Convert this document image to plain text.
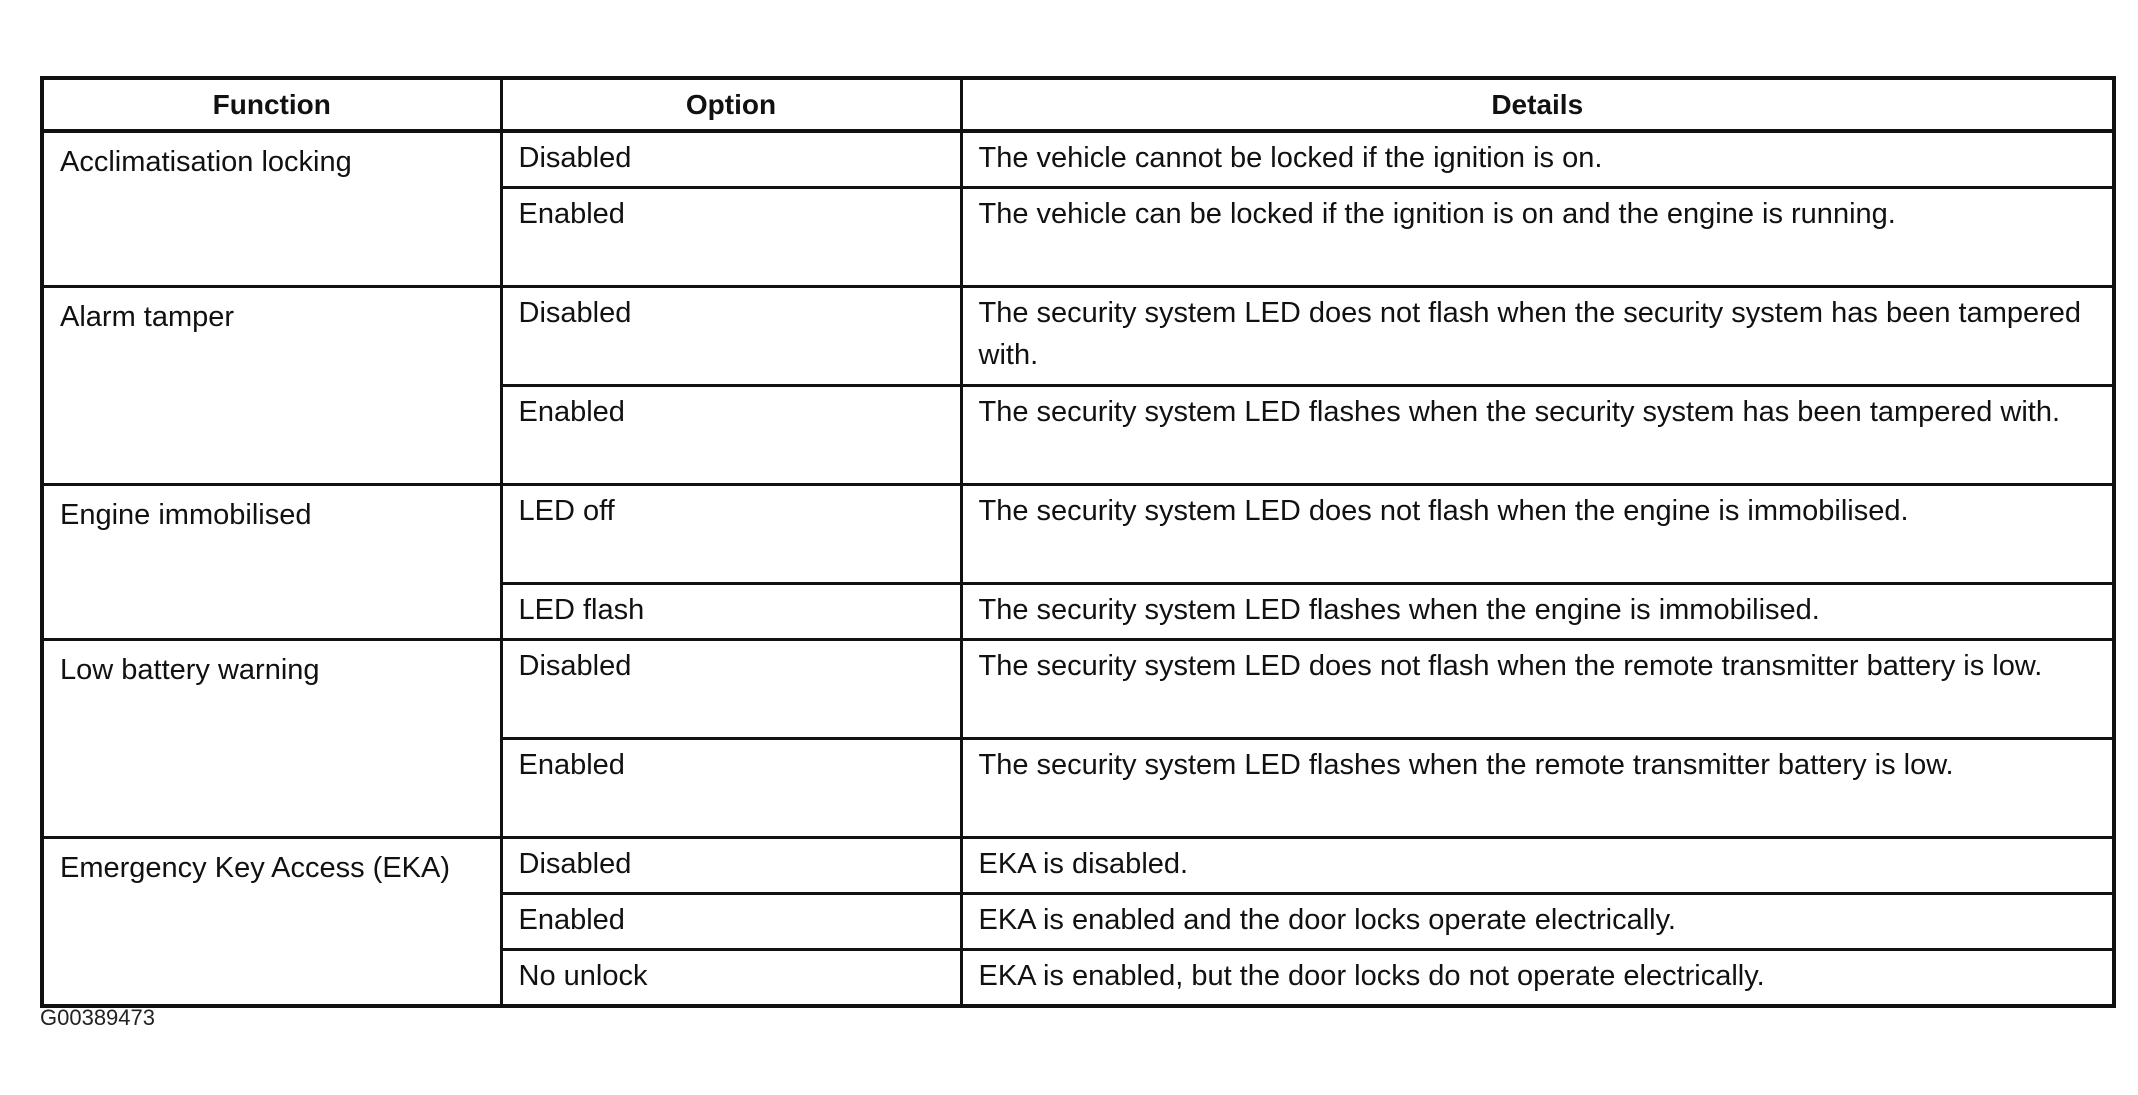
Function	Option	Details
Acclimatisation locking	Disabled	The vehicle cannot be locked if the ignition is on.
	Enabled	The vehicle can be locked if the ignition is on and the engine is running.
Alarm tamper	Disabled	The security system LED does not flash when the security system has been tampered with.
	Enabled	The security system LED flashes when the security system has been tampered with.
Engine immobilised	LED off	The security system LED does not flash when the engine is immobilised.
	LED flash	The security system LED flashes when the engine is immobilised.
Low battery warning	Disabled	The security system LED does not flash when the remote transmitter battery is low.
	Enabled	The security system LED flashes when the remote transmitter battery is low.
Emergency Key Access (EKA)	Disabled	EKA is disabled.
	Enabled	EKA is enabled and the door locks operate electrically.
	No unlock	EKA is enabled, but the door locks do not operate electrically.
G00389473
